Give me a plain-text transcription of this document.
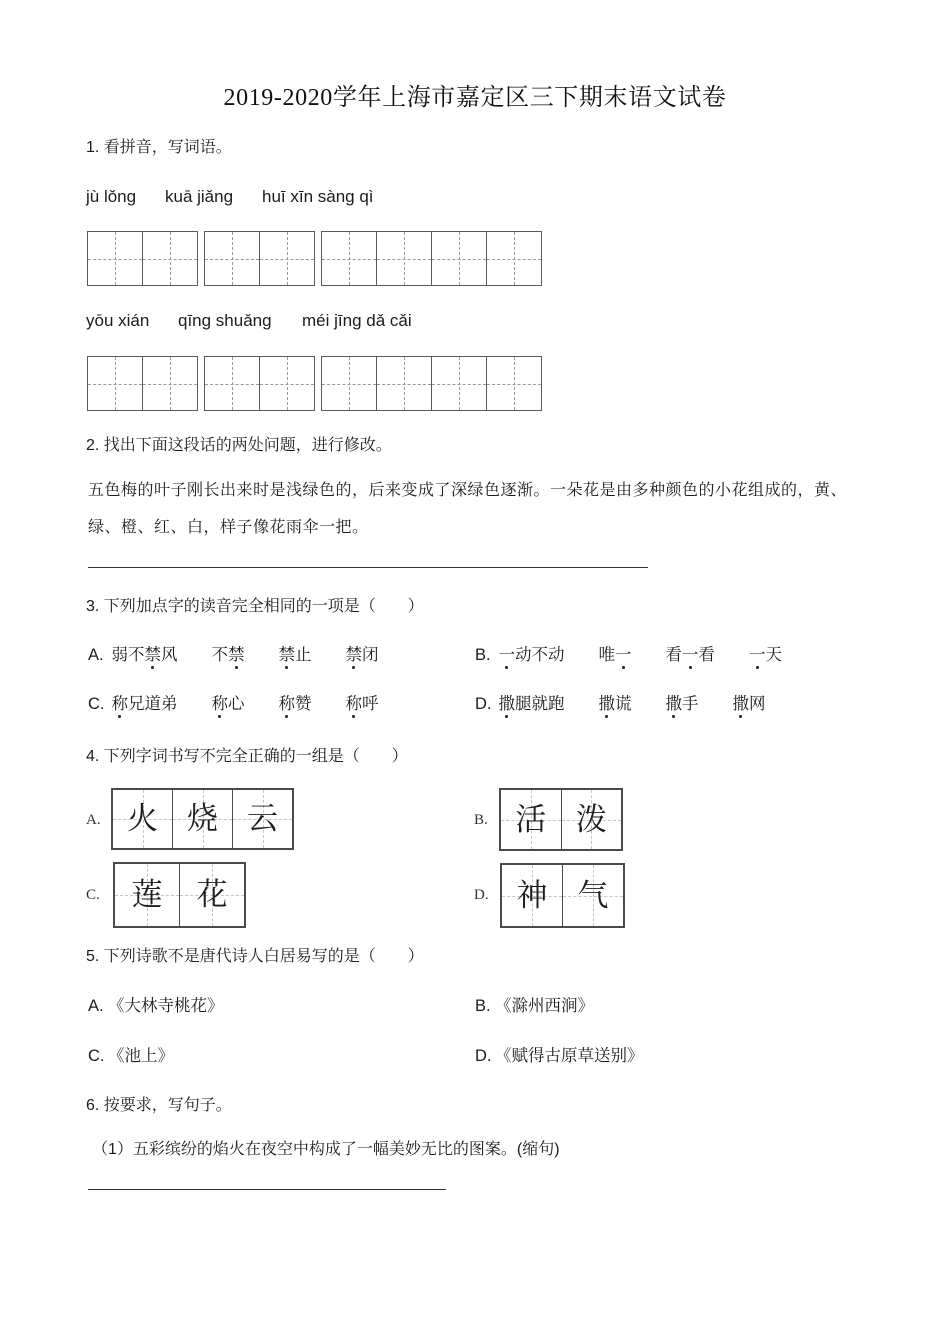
2019-2020学年上海市嘉定区三下期末语文试卷
1. 看拼音，写词语。
jù lǒng kuā jiǎng huī xīn sàng qì
yōu xián qīng shuǎng méi jīng dǎ cǎi
2. 找出下面这段话的两处问题，进行修改。
五色梅的叶子刚长出来时是浅绿色的，后来变成了深绿色逐渐。一朵花是由多种颜色的小花组成的，黄、绿、橙、红、白，样子像花雨伞一把。
3. 下列加点字的读音完全相同的一项是（　　）
A. 弱不禁风 不禁 禁止 禁闭	B. 一动不动 唯一 看一看 一天
C. 称兄道弟 称心 称赞 称呼	D. 撒腿就跑 撒谎 撒手 撒网
4. 下列字词书写不完全正确的一组是（　　）
A. 火 烧 云	B. 活 泼
C. 莲 花	D. 神 气
5. 下列诗歌不是唐代诗人白居易写的是（　　）
A. 《大林寺桃花》	B. 《滁州西涧》
C. 《池上》	D. 《赋得古原草送别》
6. 按要求，写句子。
（1）五彩缤纷的焰火在夜空中构成了一幅美妙无比的图案。(缩句)
